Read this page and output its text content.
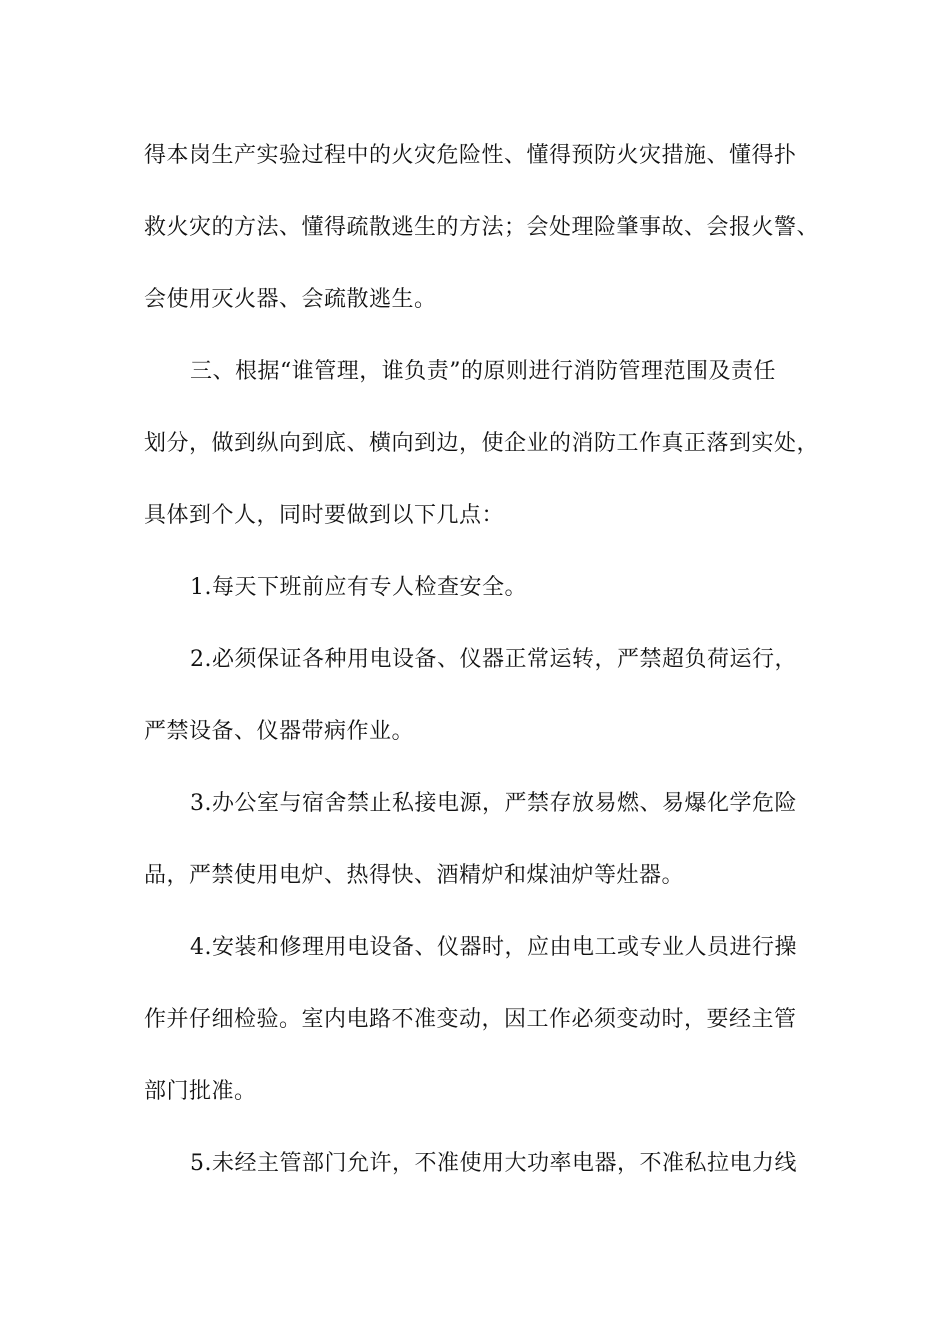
得本岗生产实验过程中的火灾危险性、懂得预防火灾措施、懂得扑
救火灾的方法、懂得疏散逃生的方法；会处理险肇事故、会报火警、
会使用灭火器、会疏散逃生。
三、根据“谁管理，谁负责”的原则进行消防管理范围及责任
划分，做到纵向到底、横向到边，使企业的消防工作真正落到实处，
具体到个人，同时要做到以下几点：
1.每天下班前应有专人检查安全。
2.必须保证各种用电设备、仪器正常运转，严禁超负荷运行，
严禁设备、仪器带病作业。
3.办公室与宿舍禁止私接电源，严禁存放易燃、易爆化学危险
品，严禁使用电炉、热得快、酒精炉和煤油炉等灶器。
4.安装和修理用电设备、仪器时，应由电工或专业人员进行操
作并仔细检验。室内电路不准变动，因工作必须变动时，要经主管
部门批准。
5.未经主管部门允许，不准使用大功率电器，不准私拉电力线
